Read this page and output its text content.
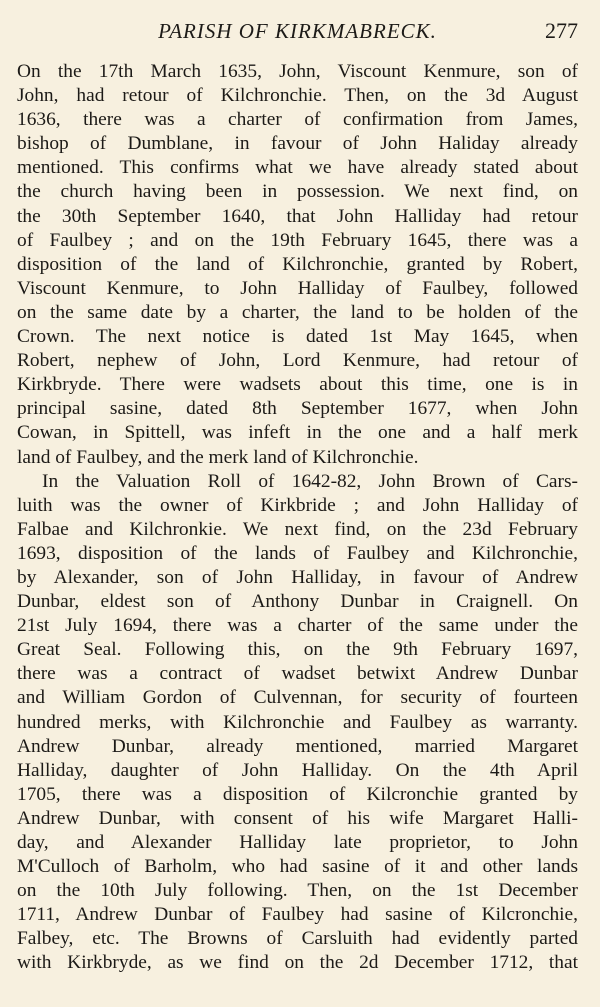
PARISH OF KIRKMABRECK.	277
On the 17th March 1635, John, Viscount Kenmure, son of
John, had retour of Kilchronchie. Then, on the 3d August
1636, there was a charter of confirmation from James,
bishop of Dumblane, in favour of John Haliday already
mentioned. This confirms what we have already stated about
the church having been in possession. We next find, on
the 30th September 1640, that John Halliday had retour
of Faulbey ; and on the 19th February 1645, there was a
disposition of the land of Kilchronchie, granted by Robert,
Viscount Kenmure, to John Halliday of Faulbey, followed
on the same date by a charter, the land to be holden of the
Crown. The next notice is dated 1st May 1645, when
Robert, nephew of John, Lord Kenmure, had retour of
Kirkbryde. There were wadsets about this time, one is in
principal sasine, dated 8th September 1677, when John
Cowan, in Spittell, was infeft in the one and a half merk
land of Faulbey, and the merk land of Kilchronchie.
In the Valuation Roll of 1642-82, John Brown of Cars-
luith was the owner of Kirkbride ; and John Halliday of
Falbae and Kilchronkie. We next find, on the 23d February
1693, disposition of the lands of Faulbey and Kilchronchie,
by Alexander, son of John Halliday, in favour of Andrew
Dunbar, eldest son of Anthony Dunbar in Craignell. On
21st July 1694, there was a charter of the same under the
Great Seal. Following this, on the 9th February 1697,
there was a contract of wadset betwixt Andrew Dunbar
and William Gordon of Culvennan, for security of fourteen
hundred merks, with Kilchronchie and Faulbey as warranty.
Andrew Dunbar, already mentioned, married Margaret
Halliday, daughter of John Halliday. On the 4th April
1705, there was a disposition of Kilcronchie granted by
Andrew Dunbar, with consent of his wife Margaret Halli-
day, and Alexander Halliday late proprietor, to John
M'Culloch of Barholm, who had sasine of it and other lands
on the 10th July following. Then, on the 1st December
1711, Andrew Dunbar of Faulbey had sasine of Kilcronchie,
Falbey, etc. The Browns of Carsluith had evidently parted
with Kirkbryde, as we find on the 2d December 1712, that
